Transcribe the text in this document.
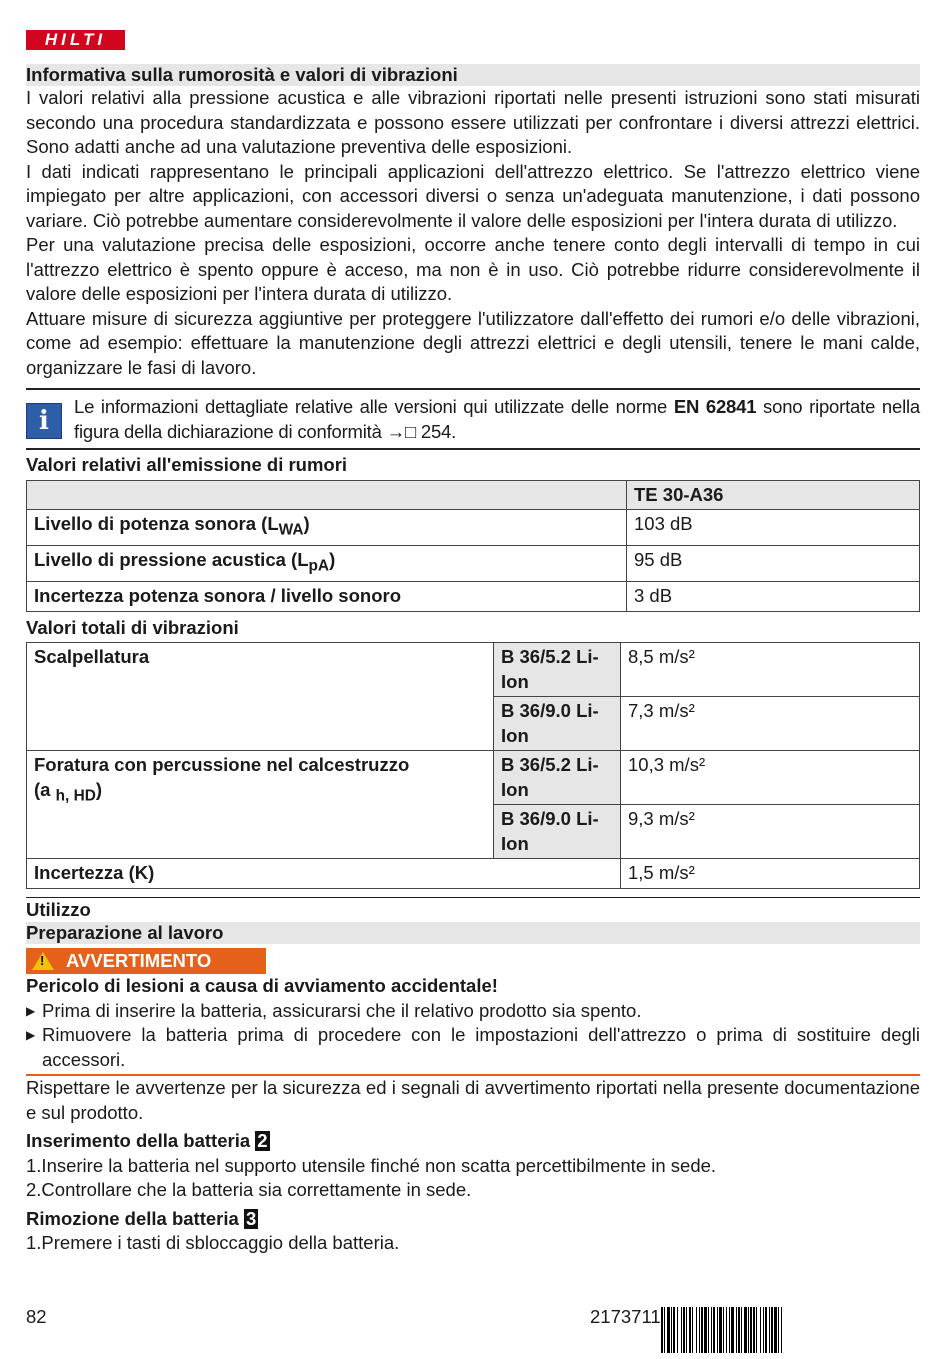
HILTI
Informativa sulla rumorosità e valori di vibrazioni

I valori relativi alla pressione acustica e alle vibrazioni riportati nelle presenti istruzioni sono stati misurati secondo una procedura standardizzata e possono essere utilizzati per confrontare i diversi attrezzi elettrici. Sono adatti anche ad una valutazione preventiva delle esposizioni.

I dati indicati rappresentano le principali applicazioni dell'attrezzo elettrico. Se l'attrezzo elettrico viene impiegato per altre applicazioni, con accessori diversi o senza un'adeguata manutenzione, i dati possono variare. Ciò potrebbe aumentare considerevolmente il valore delle esposizioni per l'intera durata di utilizzo.

Per una valutazione precisa delle esposizioni, occorre anche tenere conto degli intervalli di tempo in cui l'attrezzo elettrico è spento oppure è acceso, ma non è in uso. Ciò potrebbe ridurre considerevolmente il valore delle esposizioni per l'intera durata di utilizzo.

Attuare misure di sicurezza aggiuntive per proteggere l'utilizzatore dall'effetto dei rumori e/o delle vibrazioni, come ad esempio: effettuare la manutenzione degli attrezzi elettrici e degli utensili, tenere le mani calde, organizzare le fasi di lavoro.

i	Le informazioni dettagliate relative alle versioni qui utilizzate delle norme EN 62841 sono riportate nella figura della dichiarazione di conformità →□ 254.
Valori relativi all'emissione di rumori
	TE 30-A36
Livello di potenza sonora $(L_{WA})$	103 dB
Livello di pressione acustica $(L_{pA})$	95 dB
Incertezza potenza sonora / livello sonoro	3 dB
Valori totali di vibrazioni
Scalpellatura	B 36/5.2 Li-Ion	8,5 m/s²
	B 36/9.0 Li-Ion	7,3 m/s²
Foratura con percussione nel calcestruzzo
(a $_{h, HD}$)	B 36/5.2 Li-Ion	10,3 m/s²
	B 36/9.0 Li-Ion	9,3 m/s²
Incertezza (K)		1,5 m/s²
Utilizzo
Preparazione al lavoro
! AVVERTIMENTO
Pericolo di lesioni a causa di avviamento accidentale!
▶ Prima di inserire la batteria, assicurarsi che il relativo prodotto sia spento.
▶ Rimuovere la batteria prima di procedere con le impostazioni dell'attrezzo o prima di sostituire degli accessori.

Rispettare le avvertenze per la sicurezza ed i segnali di avvertimento riportati nella presente documentazione e sul prodotto.

Inserimento della batteria 2
1.Inserire la batteria nel supporto utensile finché non scatta percettibilmente in sede.
2.Controllare che la batteria sia correttamente in sede.
Rimozione della batteria 3
1.Premere i tasti di sbloccaggio della batteria.
82	2173711
